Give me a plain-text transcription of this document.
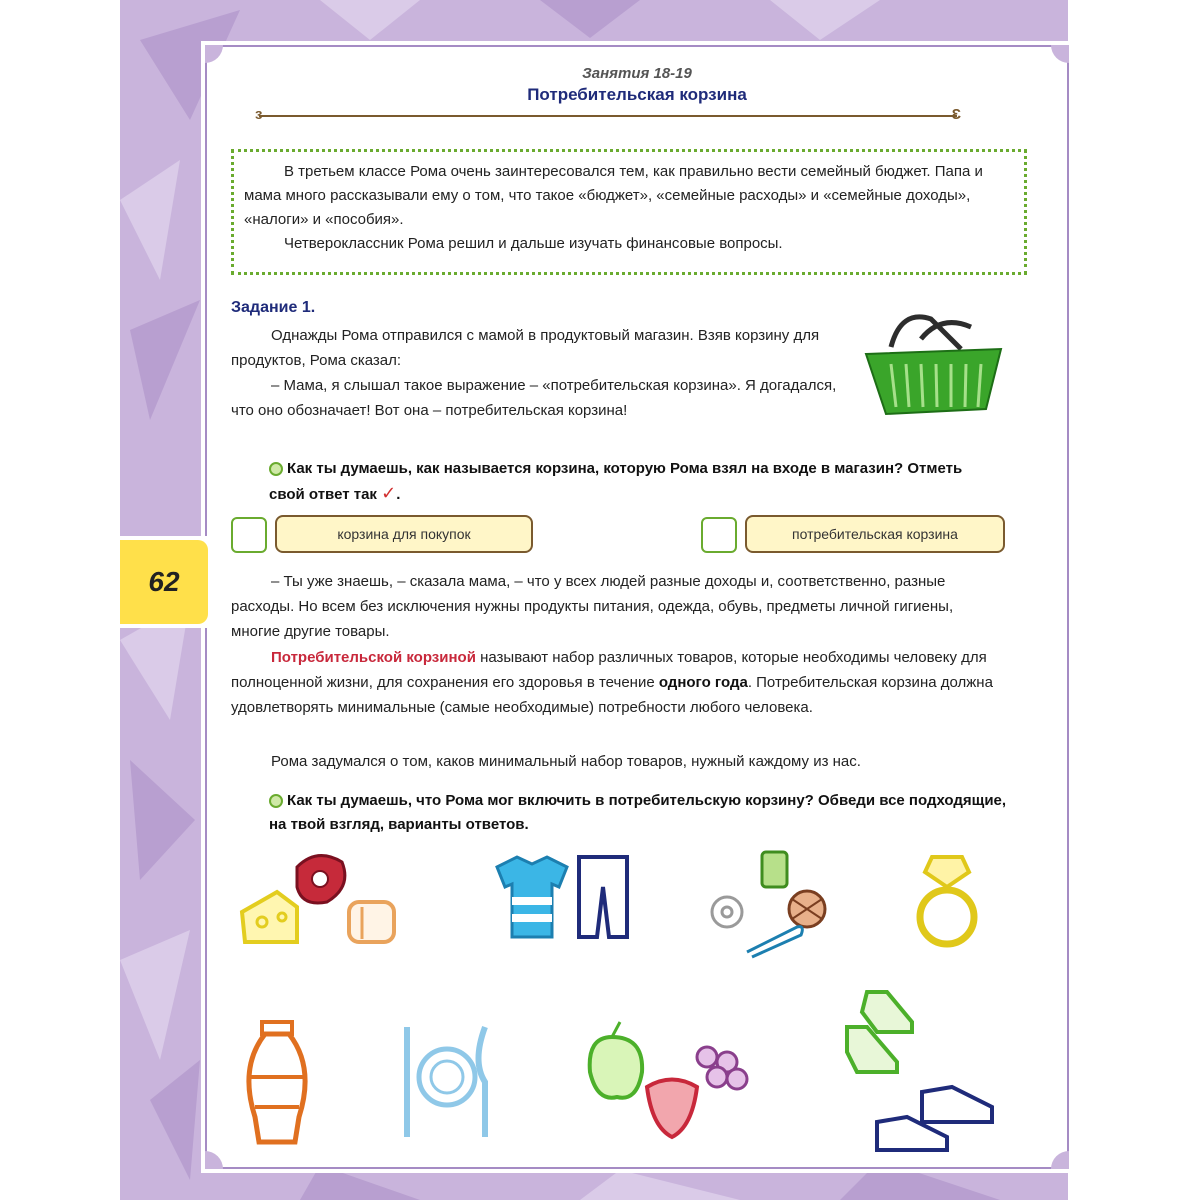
Занятия 18-19
Потребительская корзина
з	Ɛ

В третьем классе Рома очень заинтересовался тем, как правильно вести семейный бюджет. Папа и мама много рассказывали ему о том, что такое «бюджет», «семейные расходы» и «семейные доходы», «налоги» и «пособия».

Четвероклассник Рома решил и дальше изучать финансовые вопросы.

Задание 1.

Однажды Рома отправился с мамой в продуктовый магазин. Взяв корзину для продуктов, Рома сказал:

– Мама, я слышал такое выражение – «потребительская корзина». Я догадался, что оно обозначает! Вот она – потребительская корзина!

Как ты думаешь, как называется корзина, которую Рома взял на входе в магазин? Отметь свой ответ так ✓.
корзина для покупок	потребительская корзина

– Ты уже знаешь, – сказала мама, – что у всех людей разные доходы и, соответственно, разные расходы. Но всем без исключения нужны продукты питания, одежда, обувь, предметы личной гигиены, многие другие товары.

Потребительской корзиной называют набор различных товаров, которые необходимы человеку для полноценной жизни, для сохранения его здоровья в течение одного года. Потребительская корзина должна удовлетворять минимальные (самые необходимые) потребности любого человека.

Рома задумался о том, каков минимальный набор товаров, нужный каждому из нас.

Как ты думаешь, что Рома мог включить в потребительскую корзину? Обведи все подходящие, на твой взгляд, варианты ответов.
62
